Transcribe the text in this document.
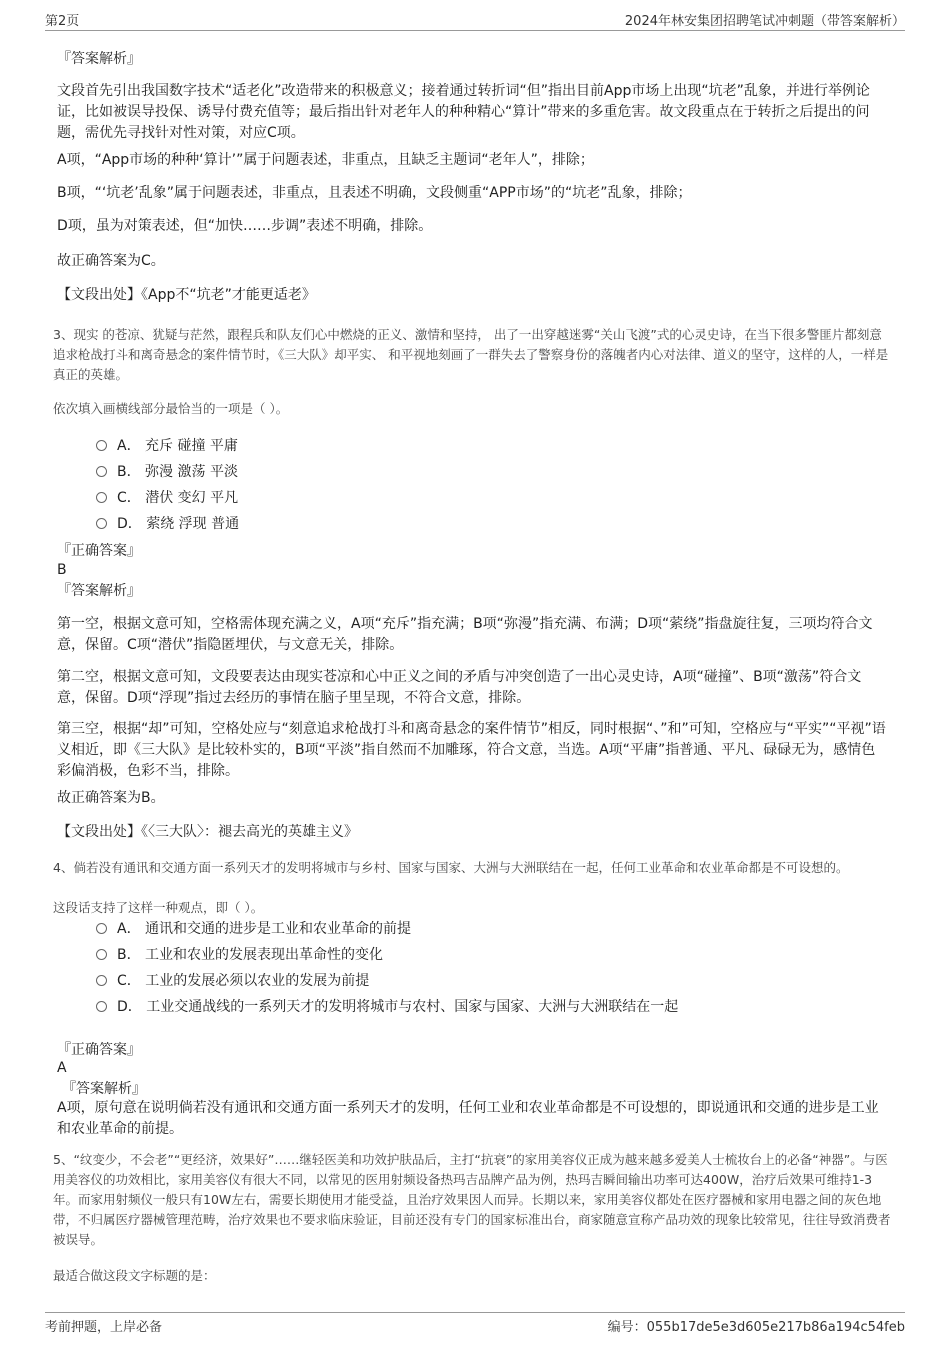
第2页	2024年林安集团招聘笔试冲刺题（带答案解析）
『答案解析』

文段首先引出我国数字技术“适老化”改造带来的积极意义；接着通过转折词“但”指出目前App市场上出现“坑老”乱象，并进行举例论证，比如被误导投保、诱导付费充值等；最后指出针对老年人的种种精心“算计”带来的多重危害。故文段重点在于转折之后提出的问题，需优先寻找针对性对策，对应C项。

A项，“App市场的种种‘算计’”属于问题表述，非重点，且缺乏主题词“老年人”，排除；

B项，“‘坑老’乱象”属于问题表述，非重点，且表述不明确，文段侧重“APP市场”的“坑老”乱象，排除；

D项，虽为对策表述，但“加快……步调”表述不明确，排除。

故正确答案为C。

【文段出处】《App不“坑老”才能更适老》

3、现实 的苍凉、犹疑与茫然，跟程兵和队友们心中燃烧的正义、激情和坚持， 出了一出穿越迷雾“关山飞渡”式的心灵史诗，在当下很多警匪片都刻意追求枪战打斗和离奇悬念的案件情节时，《三大队》却平实、 和平视地刻画了一群失去了警察身份的落魄者内心对法律、道义的坚守，这样的人，一样是真正的英雄。

依次填入画横线部分最恰当的一项是（ ）。

A． 充斥 碰撞 平庸
B． 弥漫 激荡 平淡
C． 潜伏 变幻 平凡
D． 萦绕 浮现 普通
『正确答案』
B
『答案解析』

第一空，根据文意可知，空格需体现充满之义，A项“充斥”指充满；B项“弥漫”指充满、布满；D项“萦绕”指盘旋往复，三项均符合文意，保留。C项“潜伏”指隐匿埋伏，与文意无关，排除。

第二空，根据文意可知，文段要表达由现实苍凉和心中正义之间的矛盾与冲突创造了一出心灵史诗，A项“碰撞”、B项“激荡”符合文意，保留。D项“浮现”指过去经历的事情在脑子里呈现，不符合文意，排除。

第三空，根据“却”可知，空格处应与“刻意追求枪战打斗和离奇悬念的案件情节”相反，同时根据“、”和”可知，空格应与“平实”“平视”语义相近，即《三大队》是比较朴实的，B项“平淡”指自然而不加雕琢，符合文意，当选。A项“平庸”指普通、平凡、碌碌无为，感情色彩偏消极，色彩不当，排除。

故正确答案为B。

【文段出处】《〈三大队〉：褪去高光的英雄主义》

4、倘若没有通讯和交通方面一系列天才的发明将城市与乡村、国家与国家、大洲与大洲联结在一起，任何工业革命和农业革命都是不可设想的。

这段话支持了这样一种观点，即（ ）。

A． 通讯和交通的进步是工业和农业革命的前提
B． 工业和农业的发展表现出革命性的变化
C． 工业的发展必须以农业的发展为前提
D． 工业交通战线的一系列天才的发明将城市与农村、国家与国家、大洲与大洲联结在一起
『正确答案』
A
『答案解析』

A项，原句意在说明倘若没有通讯和交通方面一系列天才的发明，任何工业和农业革命都是不可设想的，即说通讯和交通的进步是工业和农业革命的前提。

5、“纹变少，不会老”“更经济，效果好”……继轻医美和功效护肤品后，主打“抗衰”的家用美容仪正成为越来越多爱美人士梳妆台上的必备“神器”。与医用美容仪的功效相比，家用美容仪有很大不同，以常见的医用射频设备热玛吉品牌产品为例，热玛吉瞬间输出功率可达400W，治疗后效果可维持1-3年。而家用射频仪一般只有10W左右，需要长期使用才能受益，且治疗效果因人而异。长期以来，家用美容仪都处在医疗器械和家用电器之间的灰色地带，不归属医疗器械管理范畴，治疗效果也不要求临床验证，目前还没有专门的国家标准出台，商家随意宣称产品功效的现象比较常见，往往导致消费者被误导。

最适合做这段文字标题的是：

考前押题，上岸必备	编号：055b17de5e3d605e217b86a194c54feb
